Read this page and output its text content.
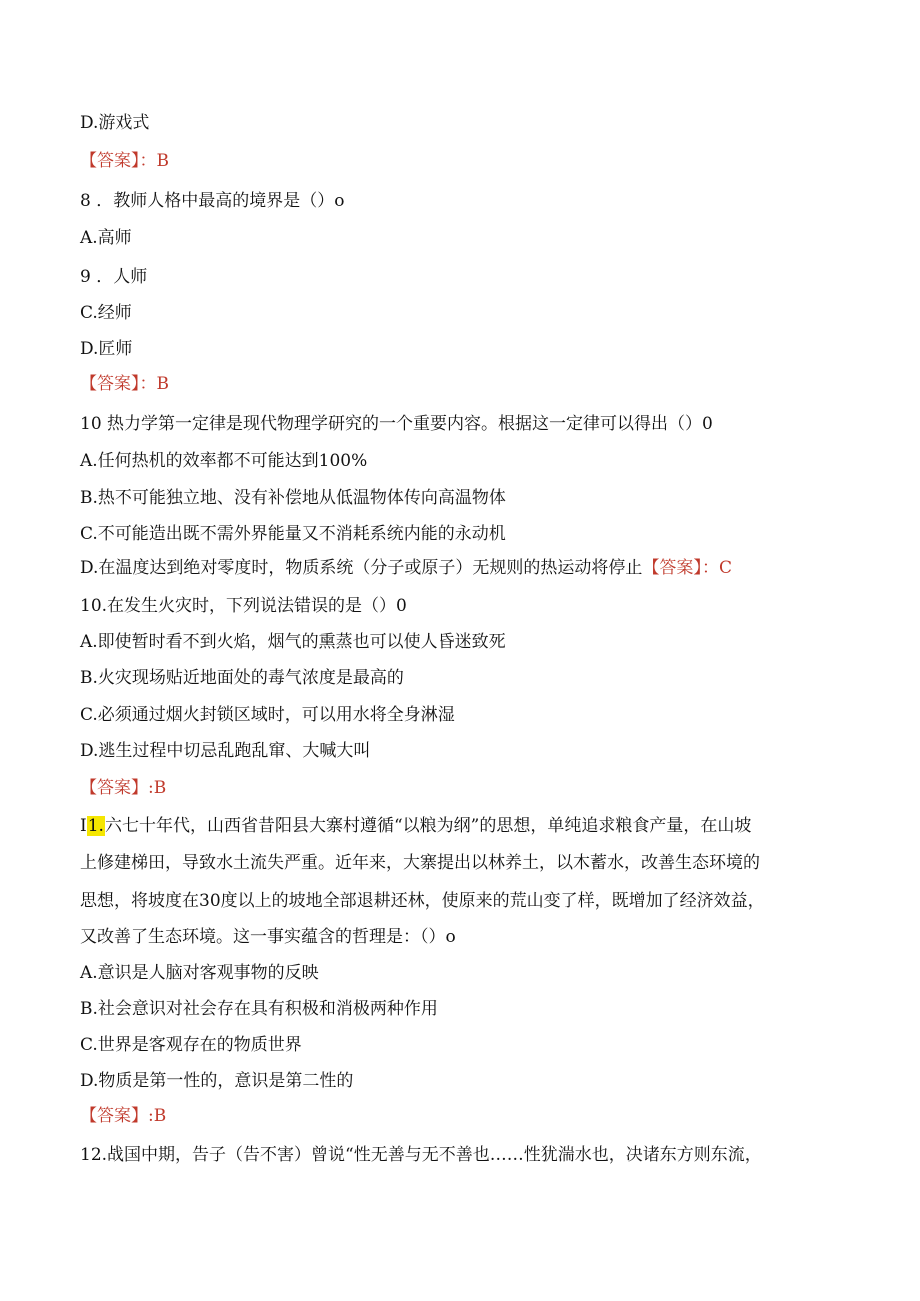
D.游戏式
【答案】：B
8 ．教师人格中最高的境界是（）o
A.高师
9 ．人师
C.经师
D.匠师
【答案】：B
10 热力学第一定律是现代物理学研究的一个重要内容。根据这一定律可以得出（）0
A.任何热机的效率都不可能达到100%
B.热不可能独立地、没有补偿地从低温物体传向高温物体
C.不可能造出既不需外界能量又不消耗系统内能的永动机
D.在温度达到绝对零度时，物质系统（分子或原子）无规则的热运动将停止【答案】：C
10.在发生火灾时，下列说法错误的是（）0
A.即使暂时看不到火焰，烟气的熏蒸也可以使人昏迷致死
B.火灾现场贴近地面处的毒气浓度是最高的
C.必须通过烟火封锁区域时，可以用水将全身淋湿
D.逃生过程中切忌乱跑乱窜、大喊大叫
【答案】:B
I1.六七十年代，山西省昔阳县大寨村遵循“以粮为纲”的思想，单纯追求粮食产量，在山坡
上修建梯田，导致水土流失严重。近年来，大寨提出以林养土，以木蓄水，改善生态环境的
思想，将坡度在30度以上的坡地全部退耕还林，使原来的荒山变了样，既增加了经济效益，
又改善了生态环境。这一事实蕴含的哲理是：（）o
A.意识是人脑对客观事物的反映
B.社会意识对社会存在具有积极和消极两种作用
C.世界是客观存在的物质世界
D.物质是第一性的，意识是第二性的
【答案】:B
12.战国中期，告子（告不害）曾说“性无善与无不善也……性犹湍水也，决诸东方则东流，
